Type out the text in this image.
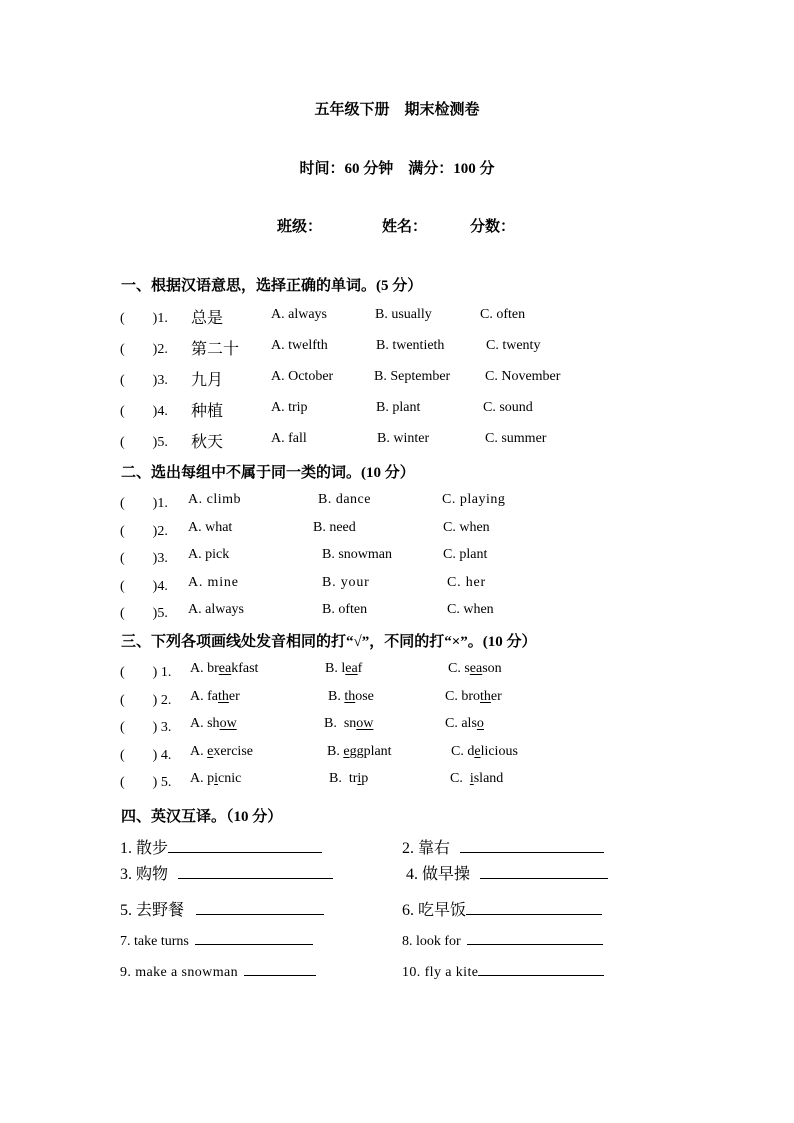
五年级下册　期末检测卷
时间：60 分钟　满分：100 分
班级：	姓名：	分数：
一、根据汉语意思，选择正确的单词。(5 分）
(　　)1. 总是	A. always	B. usually	C. often
(　　)2. 第二十 A. twelfth	B. twentieth	C. twenty
(　　)3. 九月	A. October	B. September C. November
(　　)4. 种植	A. trip	B. plant	C. sound
(　　)5. 秋天	A. fall	B. winter	C. summer
二、选出每组中不属于同一类的词。(10 分）
(　　)1. A. climb	B. dance	C. playing
(　　)2. A. what	B. need	C. when
(　　)3. A. pick	B. snowman	C. plant
(　　)4. A. mine	B. your	C. her
(　　)5. A. always	B. often	C. when
三、下列各项画线处发音相同的打“√”，不同的打“×”。(10 分）
(　　) 1. A. breakfast	B. leaf	C. season
(　　) 2. A. father	B. those	C. brother
(　　) 3. A. show	B.  snow	C. also
(　　) 4. A. exercise	B. eggplant	C. delicious
(　　) 5. A. picnic	B.  trip	C.  island
四、英汉互译。（10 分）
1. 散步	2. 靠右
3. 购物	4. 做早操
5. 去野餐	6. 吃早饭
7. take turns	8. look for
9. make a snowman	10. fly a kite
